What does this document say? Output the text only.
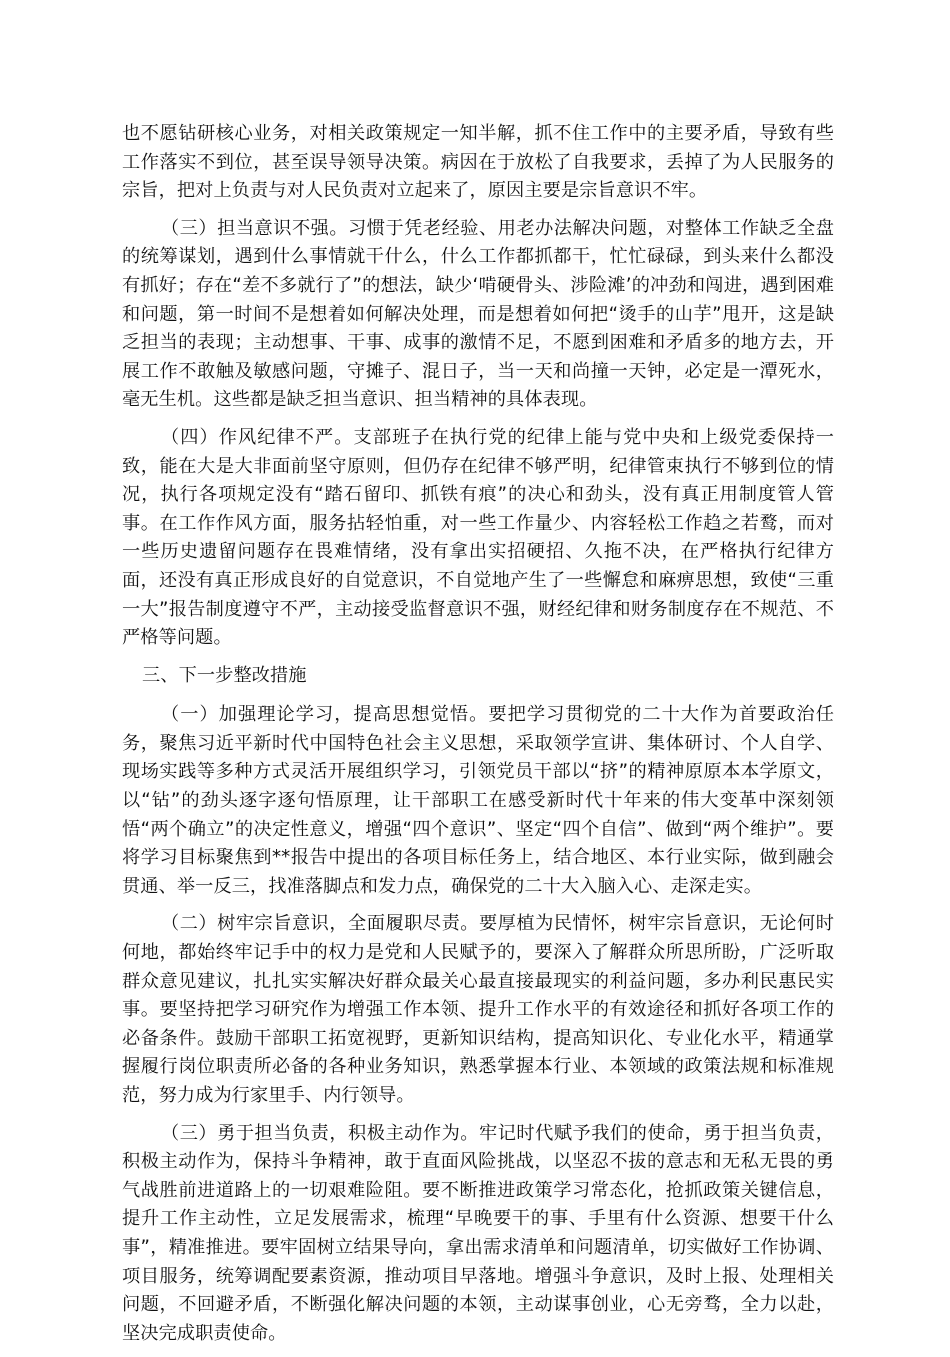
也不愿钻研核心业务，对相关政策规定一知半解，抓不住工作中的主要矛盾，导致有些工作落实不到位，甚至误导领导决策。病因在于放松了自我要求，丢掉了为人民服务的宗旨，把对上负责与对人民负责对立起来了，原因主要是宗旨意识不牢。

（三）担当意识不强。习惯于凭老经验、用老办法解决问题，对整体工作缺乏全盘的统筹谋划，遇到什么事情就干什么，什么工作都抓都干，忙忙碌碌，到头来什么都没有抓好；存在“差不多就行了”的想法，缺少‘啃硬骨头、涉险滩’的冲劲和闯进，遇到困难和问题，第一时间不是想着如何解决处理，而是想着如何把“烫手的山芋”甩开，这是缺乏担当的表现；主动想事、干事、成事的激情不足，不愿到困难和矛盾多的地方去，开展工作不敢触及敏感问题，守摊子、混日子，当一天和尚撞一天钟，必定是一潭死水，毫无生机。这些都是缺乏担当意识、担当精神的具体表现。

（四）作风纪律不严。支部班子在执行党的纪律上能与党中央和上级党委保持一致，能在大是大非面前坚守原则，但仍存在纪律不够严明，纪律管束执行不够到位的情况，执行各项规定没有“踏石留印、抓铁有痕”的决心和劲头，没有真正用制度管人管事。在工作作风方面，服务拈轻怕重，对一些工作量少、内容轻松工作趋之若鹜，而对一些历史遗留问题存在畏难情绪，没有拿出实招硬招、久拖不决，在严格执行纪律方面，还没有真正形成良好的自觉意识，不自觉地产生了一些懈怠和麻痹思想，致使“三重一大”报告制度遵守不严，主动接受监督意识不强，财经纪律和财务制度存在不规范、不严格等问题。

三、下一步整改措施

（一）加强理论学习，提高思想觉悟。要把学习贯彻党的二十大作为首要政治任务，聚焦习近平新时代中国特色社会主义思想，采取领学宣讲、集体研讨、个人自学、现场实践等多种方式灵活开展组织学习，引领党员干部以“挤”的精神原原本本学原文，以“钻”的劲头逐字逐句悟原理，让干部职工在感受新时代十年来的伟大变革中深刻领悟“两个确立”的决定性意义，增强“四个意识”、坚定“四个自信”、做到“两个维护”。要将学习目标聚焦到**报告中提出的各项目标任务上，结合地区、本行业实际，做到融会贯通、举一反三，找准落脚点和发力点，确保党的二十大入脑入心、走深走实。

（二）树牢宗旨意识，全面履职尽责。要厚植为民情怀，树牢宗旨意识，无论何时何地，都始终牢记手中的权力是党和人民赋予的，要深入了解群众所思所盼，广泛听取群众意见建议，扎扎实实解决好群众最关心最直接最现实的利益问题，多办利民惠民实事。要坚持把学习研究作为增强工作本领、提升工作水平的有效途径和抓好各项工作的必备条件。鼓励干部职工拓宽视野，更新知识结构，提高知识化、专业化水平，精通掌握履行岗位职责所必备的各种业务知识，熟悉掌握本行业、本领域的政策法规和标准规范，努力成为行家里手、内行领导。

（三）勇于担当负责，积极主动作为。牢记时代赋予我们的使命，勇于担当负责，积极主动作为，保持斗争精神，敢于直面风险挑战，以坚忍不拔的意志和无私无畏的勇气战胜前进道路上的一切艰难险阻。要不断推进政策学习常态化，抢抓政策关键信息，提升工作主动性，立足发展需求，梳理“早晚要干的事、手里有什么资源、想要干什么事”，精准推进。要牢固树立结果导向，拿出需求清单和问题清单，切实做好工作协调、项目服务，统筹调配要素资源，推动项目早落地。增强斗争意识，及时上报、处理相关问题，不回避矛盾，不断强化解决问题的本领，主动谋事创业，心无旁骛，全力以赴，坚决完成职责使命。
